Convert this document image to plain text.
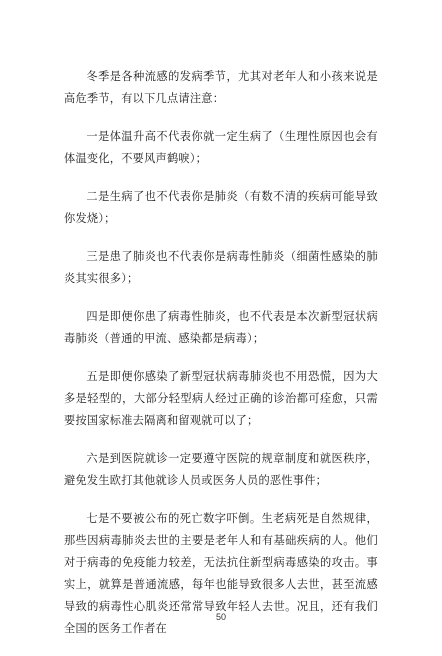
冬季是各种流感的发病季节，尤其对老年人和小孩来说是高危季节，有以下几点请注意：

一是体温升高不代表你就一定生病了（生理性原因也会有体温变化，不要风声鹤唳）；

二是生病了也不代表你是肺炎（有数不清的疾病可能导致你发烧）；

三是患了肺炎也不代表你是病毒性肺炎（细菌性感染的肺炎其实很多）；

四是即便你患了病毒性肺炎，也不代表是本次新型冠状病毒肺炎（普通的甲流、感染都是病毒）；

五是即便你感染了新型冠状病毒肺炎也不用恐慌，因为大多是轻型的，大部分轻型病人经过正确的诊治都可痊愈，只需要按国家标准去隔离和留观就可以了；

六是到医院就诊一定要遵守医院的规章制度和就医秩序，避免发生欧打其他就诊人员或医务人员的恶性事件；

七是不要被公布的死亡数字吓倒。生老病死是自然规律，那些因病毒肺炎去世的主要是老年人和有基础疾病的人。他们对于病毒的免疫能力较差，无法抗住新型病毒感染的攻击。事实上，就算是普通流感，每年也能导致很多人去世，甚至流感导致的病毒性心肌炎还常常导致年轻人去世。况且，还有我们全国的医务工作者在

50
